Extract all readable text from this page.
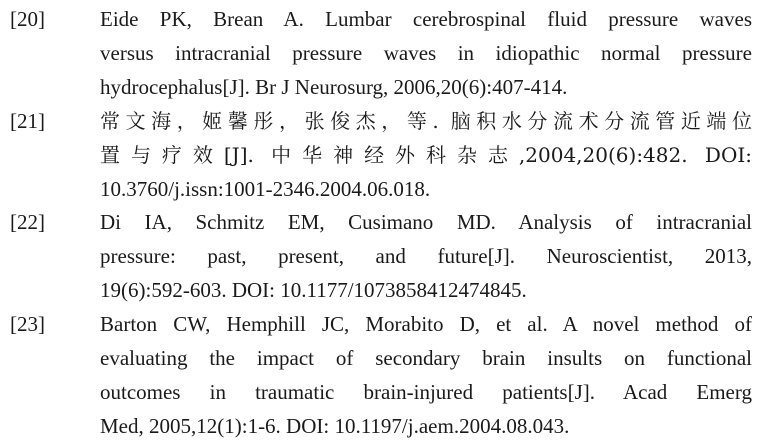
[20]	Eide PK, Brean A. Lumbar cerebrospinal fluid pressure waves
versus intracranial pressure waves in idiopathic normal pressure
hydrocephalus[J]. Br J Neurosurg, 2006,20(6):407-414.
[21]	常文海，姬馨彤，张俊杰，等. 脑积水分流术分流管近端位
置与疗效[J]. 中华神经外科杂志,2004,20(6):482. DOI:
10.3760/j.issn:1001-2346.2004.06.018.
[22]	Di IA, Schmitz EM, Cusimano MD. Analysis of intracranial
pressure: past, present, and future[J]. Neuroscientist, 2013,
19(6):592-603. DOI: 10.1177/1073858412474845.
[23]	Barton CW, Hemphill JC, Morabito D, et al. A novel method of
evaluating the impact of secondary brain insults on functional
outcomes in traumatic brain-injured patients[J]. Acad Emerg
Med, 2005,12(1):1-6. DOI: 10.1197/j.aem.2004.08.043.
